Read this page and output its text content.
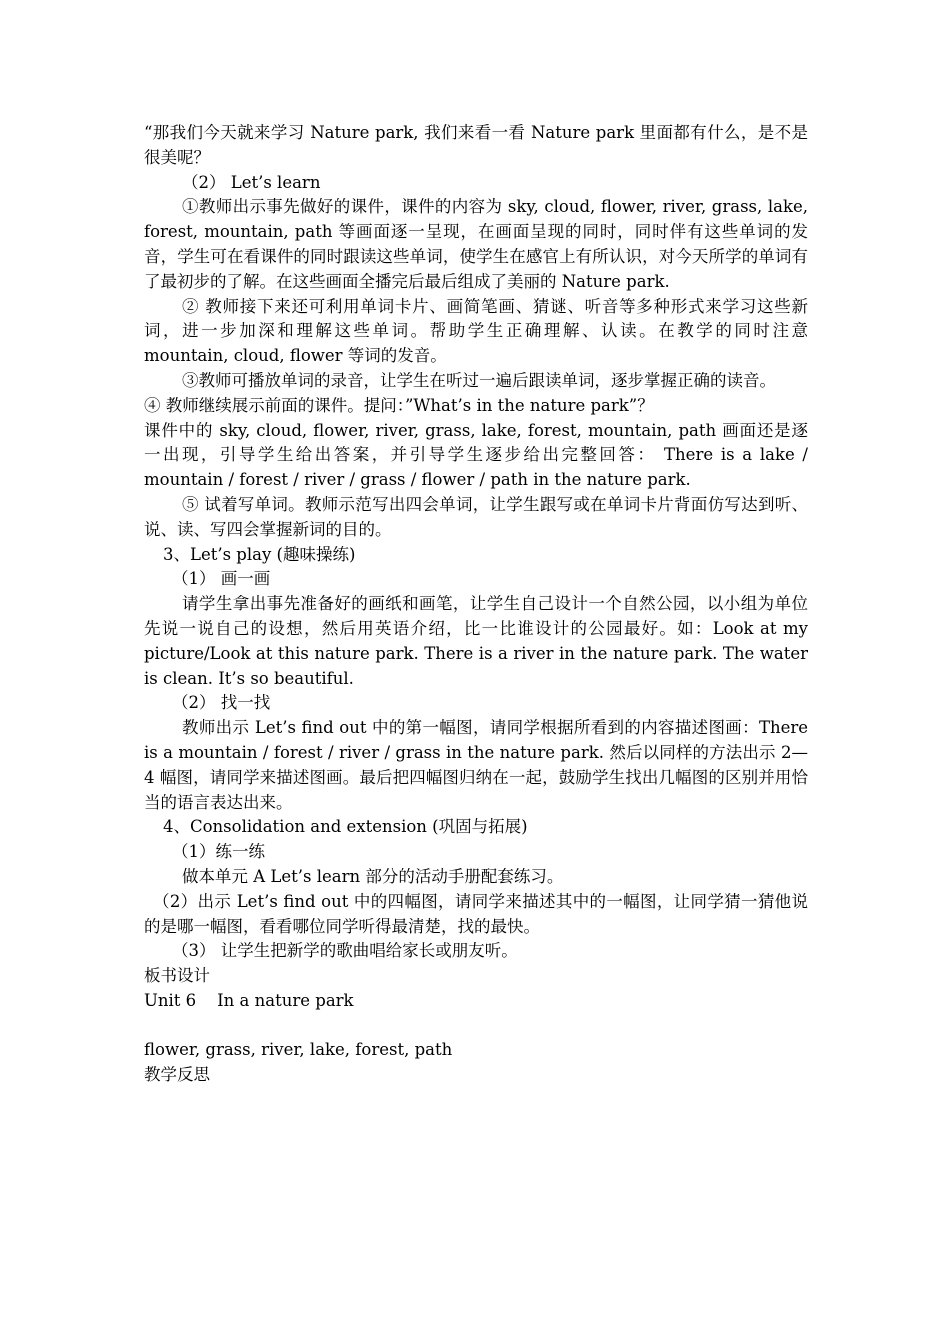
“那我们今天就来学习 Nature park, 我们来看一看 Nature park 里面都有什么，是不是很美呢？

（2） Let’s learn

①教师出示事先做好的课件，课件的内容为 sky, cloud, flower, river, grass, lake, forest, mountain, path 等画面逐一呈现，在画面呈现的同时，同时伴有这些单词的发音，学生可在看课件的同时跟读这些单词，使学生在感官上有所认识，对今天所学的单词有了最初步的了解。在这些画面全播完后最后组成了美丽的 Nature park.

② 教师接下来还可利用单词卡片、画简笔画、猜谜、听音等多种形式来学习这些新词，进一步加深和理解这些单词。帮助学生正确理解、认读。在教学的同时注意 mountain, cloud, flower 等词的发音。

③教师可播放单词的录音，让学生在听过一遍后跟读单词，逐步掌握正确的读音。

④ 教师继续展示前面的课件。提问：”What’s in the nature park”？

课件中的 sky, cloud, flower, river, grass, lake, forest, mountain, path 画面还是逐一出现，引导学生给出答案，并引导学生逐步给出完整回答： There is a lake / mountain / forest / river / grass / flower / path in the nature park.

⑤ 试着写单词。教师示范写出四会单词，让学生跟写或在单词卡片背面仿写达到听、说、读、写四会掌握新词的目的。

3、Let’s play (趣味操练)

（1） 画一画

请学生拿出事先准备好的画纸和画笔，让学生自己设计一个自然公园，以小组为单位先说一说自己的设想，然后用英语介绍，比一比谁设计的公园最好。如：Look at my picture/Look at this nature park. There is a river in the nature park. The water is clean. It’s so beautiful.

（2） 找一找

教师出示 Let’s find out 中的第一幅图，请同学根据所看到的内容描述图画：There is a mountain / forest / river / grass in the nature park. 然后以同样的方法出示 2—4 幅图，请同学来描述图画。最后把四幅图归纳在一起，鼓励学生找出几幅图的区别并用恰当的语言表达出来。

4、Consolidation and extension (巩固与拓展)

（1）练一练

做本单元 A Let’s learn 部分的活动手册配套练习。

（2）出示 Let’s find out 中的四幅图，请同学来描述其中的一幅图，让同学猜一猜他说的是哪一幅图，看看哪位同学听得最清楚，找的最快。

（3） 让学生把新学的歌曲唱给家长或朋友听。

板书设计

Unit 6    In a nature park

flower, grass, river, lake, forest, path

教学反思
